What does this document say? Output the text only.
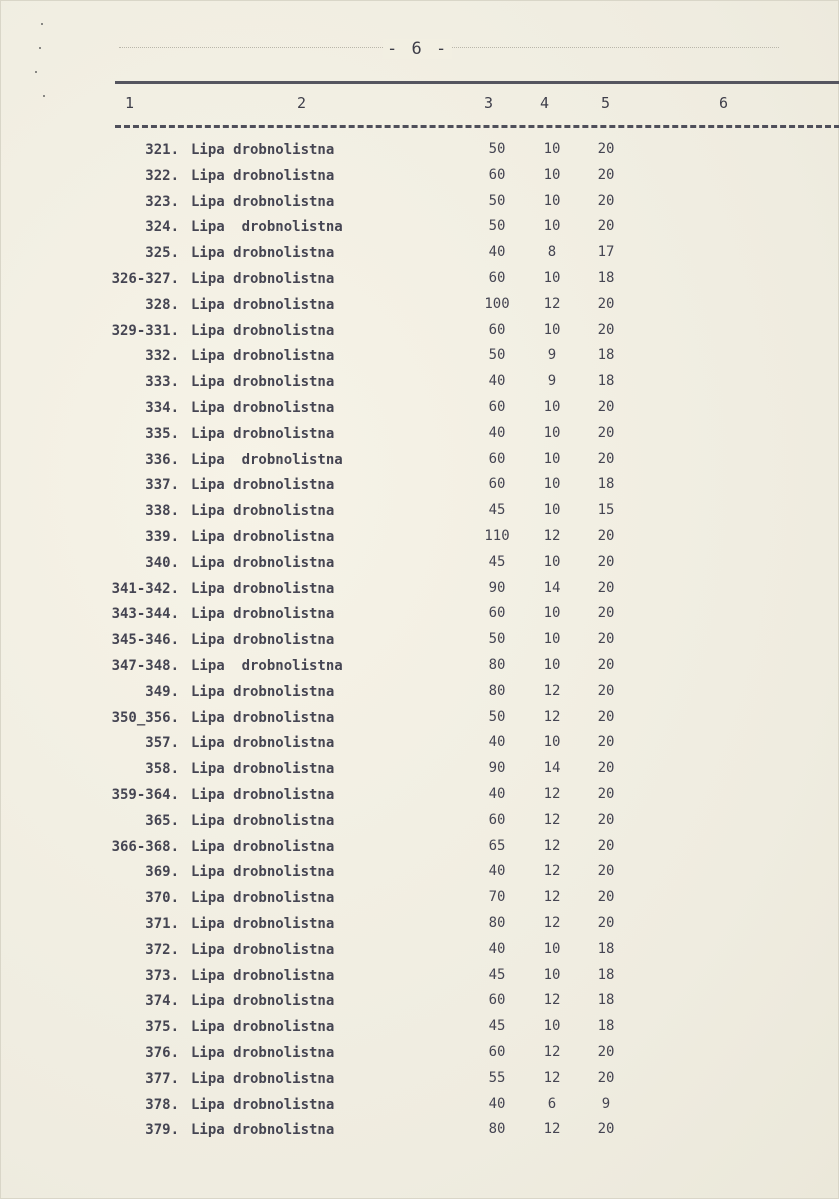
- 6 -
1	2	3	4	5	6
321. Lipa drobnolistna	50	10	20
322. Lipa drobnolistna	60	10	20
323. Lipa drobnolistna	50	10	20
324. Lipa  drobnolistna	50	10	20
325. Lipa drobnolistna	40	8	17
326-327. Lipa drobnolistna	60	10	18
328. Lipa drobnolistna	100	12	20
329-331. Lipa drobnolistna	60	10	20
332. Lipa drobnolistna	50	9	18
333. Lipa drobnolistna	40	9	18
334. Lipa drobnolistna	60	10	20
335. Lipa drobnolistna	40	10	20
336. Lipa  drobnolistna	60	10	20
337. Lipa drobnolistna	60	10	18
338. Lipa drobnolistna	45	10	15
339. Lipa drobnolistna	110	12	20
340. Lipa drobnolistna	45	10	20
341-342. Lipa drobnolistna	90	14	20
343-344. Lipa drobnolistna	60	10	20
345-346. Lipa drobnolistna	50	10	20
347-348. Lipa  drobnolistna	80	10	20
349. Lipa drobnolistna	80	12	20
350_356. Lipa drobnolistna	50	12	20
357. Lipa drobnolistna	40	10	20
358. Lipa drobnolistna	90	14	20
359-364. Lipa drobnolistna	40	12	20
365. Lipa drobnolistna	60	12	20
366-368. Lipa drobnolistna	65	12	20
369. Lipa drobnolistna	40	12	20
370. Lipa drobnolistna	70	12	20
371. Lipa drobnolistna	80	12	20
372. Lipa drobnolistna	40	10	18
373. Lipa drobnolistna	45	10	18
374. Lipa drobnolistna	60	12	18
375. Lipa drobnolistna	45	10	18
376. Lipa drobnolistna	60	12	20
377. Lipa drobnolistna	55	12	20
378. Lipa drobnolistna	40	6	9
379. Lipa drobnolistna	80	12	20
